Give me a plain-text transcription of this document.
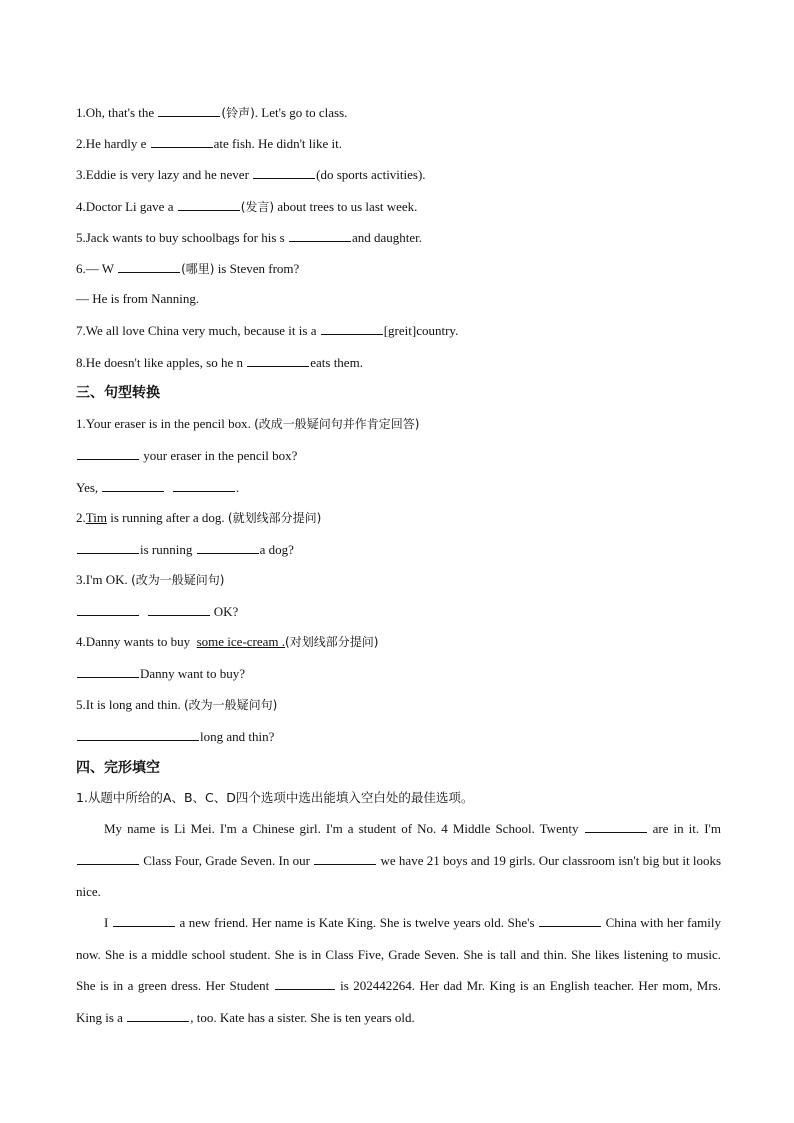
1.Oh, that's the	(铃声). Let's go to class.
2.He hardly e	ate fish. He didn't like it.
3.Eddie is very lazy and he never	(do sports activities).
4.Doctor Li gave a	(发言) about trees to us last week.
5.Jack wants to buy schoolbags for his s	and daughter.
6.— W	(哪里) is Steven from?
— He is from Nanning.
7.We all love China very much, because it is a	[greit]country.
8.He doesn't like apples, so he n	eats them.
三、句型转换
1.Your eraser is in the pencil box. (改成一般疑问句并作肯定回答)
your eraser in the pencil box?
Yes,	.
2.Tim is running after a dog. (就划线部分提问)
is running	a dog?
3.I'm OK. (改为一般疑问句)
OK?
4.Danny wants to buy  some ice-cream .(对划线部分提问)
Danny want to buy?
5.It is long and thin. (改为一般疑问句)
long and thin?
四、完形填空
1.从题中所给的A、B、C、D四个选项中选出能填入空白处的最佳选项。
My name is Li Mei. I'm a Chinese girl. I'm a student of No. 4 Middle School. Twenty	are in it. I'm  Class Four, Grade Seven. In our	we have 21 boys and 19 girls. Our classroom isn't big but it looks nice.
I	a new friend. Her name is Kate King. She is twelve years old. She's	China with her family now. She is a middle school student. She is in Class Five, Grade Seven. She is tall and thin. She likes listening to music. She is in a green dress. Her Student	is 202442264. Her dad Mr. King is an English teacher. Her mom, Mrs. King is a	, too. Kate has a sister. She is ten years old.
